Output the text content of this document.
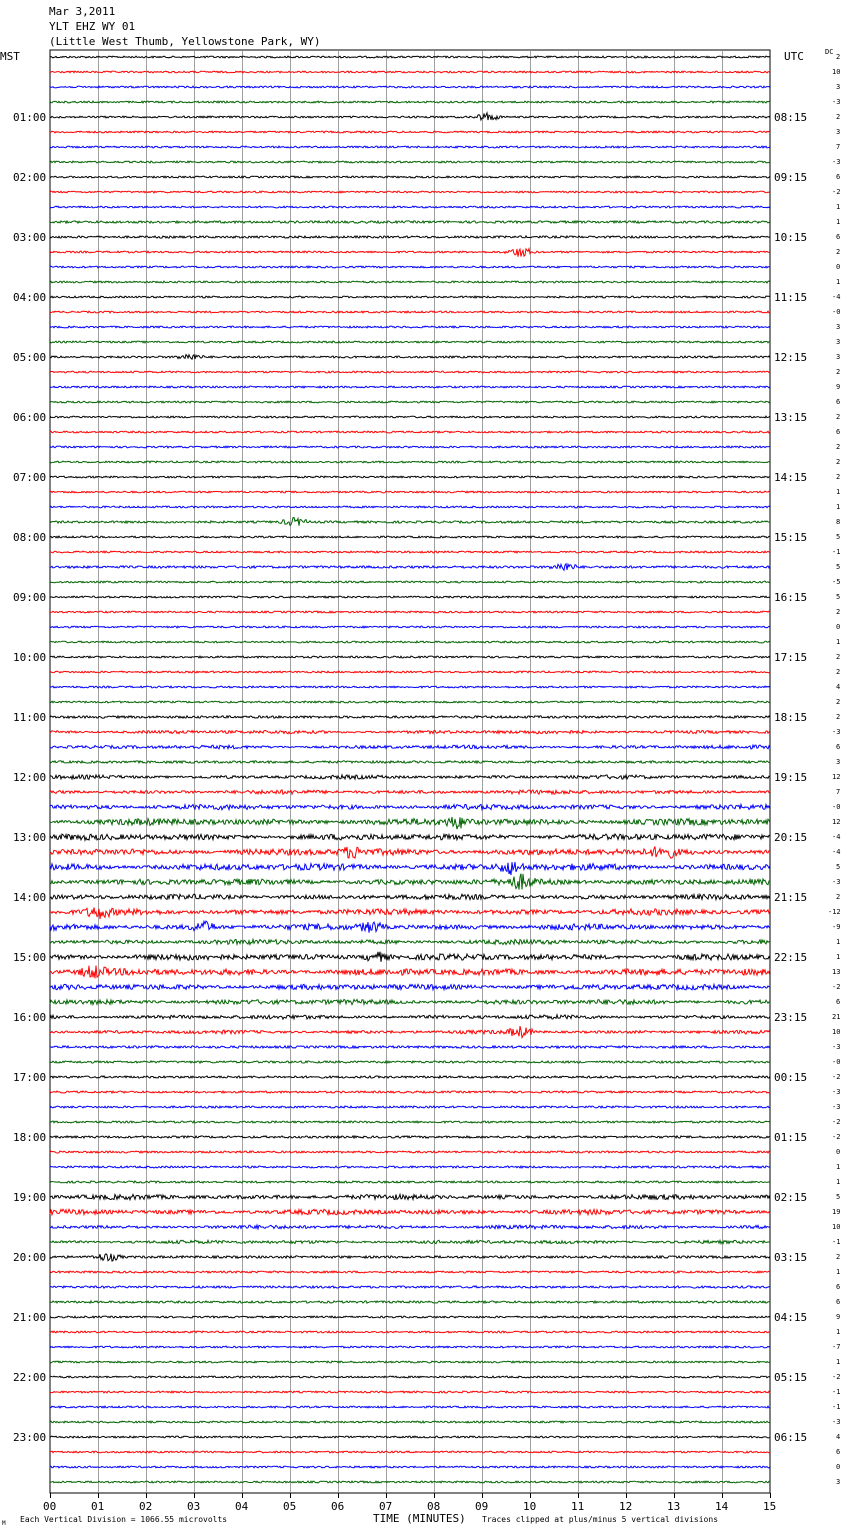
Mar 3,2011
YLT EHZ WY 01
(Little West Thumb, Yellowstone Park, WY)
MST	UTC	DC
01:00
02:00
03:00
04:00
05:00
06:00
07:00
08:00
09:00
10:00
11:00
12:00
13:00
14:00
15:00
16:00
17:00
18:00
19:00
20:00
21:00
22:00
23:00
08:15
09:15
10:15
11:15
12:15
13:15
14:15
15:15
16:15
17:15
18:15
19:15
20:15
21:15
22:15
23:15
00:15
01:15
02:15
03:15
04:15
05:15
06:15
2
10
3
-3
2
3
7
-3
6
-2
1
1
6
2
0
1
-4
-0
3
3
3
2
9
6
2
6
2
2
2
1
1
8
5
-1
5
-5
5
2
0
1
2
2
4
2
2
-3
6
3
12
7
-0
12
-4
-4
5
-3
2
-12
-9
1
1
13
-2
6
21
10
-3
-0
-2
-3
-3
-2
-2
0
1
1
5
19
10
-1
2
1
6
6
9
1
-7
1
-2
-1
-1
-3
4
6
0
3
00	01	02	03	04	05	06	07	08	09	10	11	12	13	14	15
TIME (MINUTES)
Each Vertical Division = 1066.55 microvolts	Traces clipped at plus/minus 5 vertical divisions
M
